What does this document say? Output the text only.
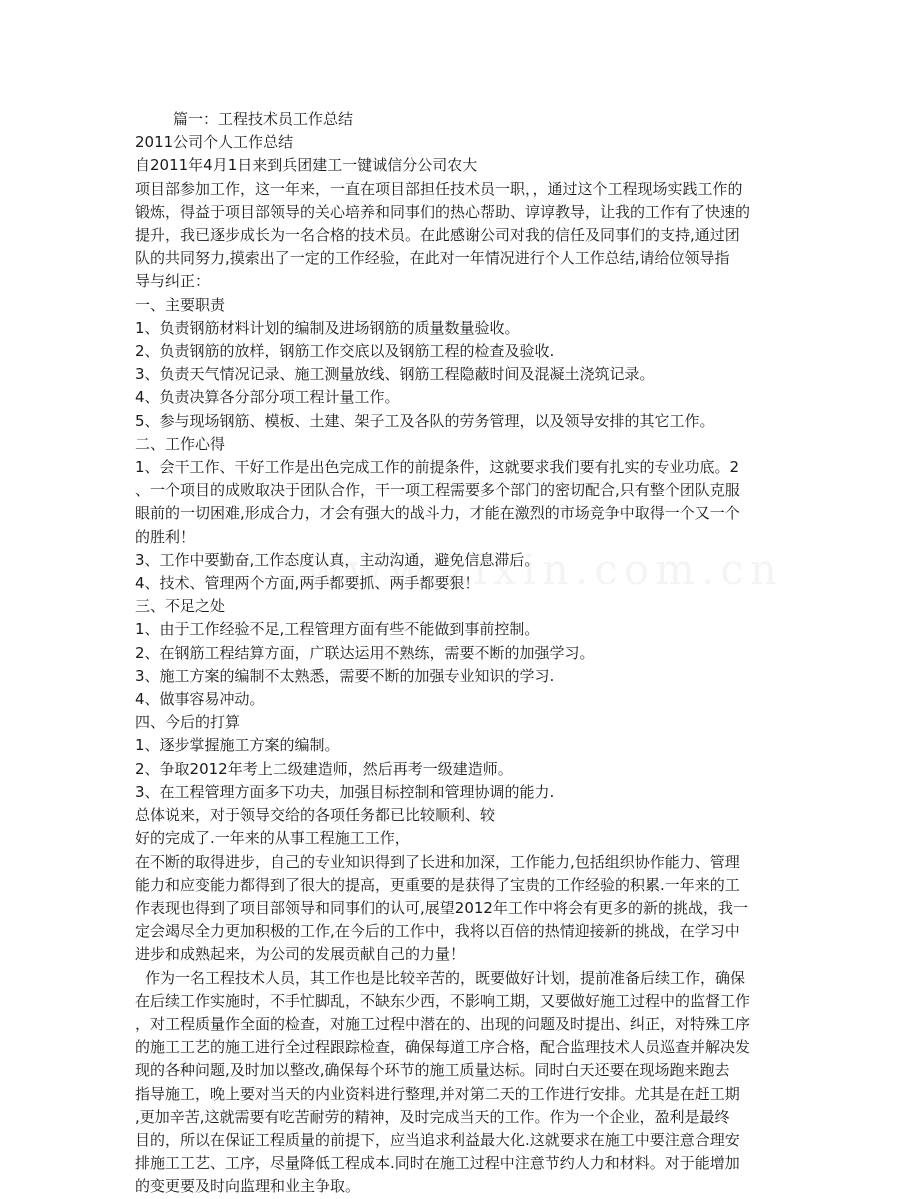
篇一：工程技术员工作总结
2011公司个人工作总结
自2011年4月1日来到兵团建工一键诚信分公司农大
项目部参加工作，这一年来，一直在项目部担任技术员一职，，通过这个工程现场实践工作的
锻炼，得益于项目部领导的关心培养和同事们的热心帮助、谆谆教导，让我的工作有了快速的
提升，我已逐步成长为一名合格的技术员。在此感谢公司对我的信任及同事们的支持,通过团
队的共同努力,摸索出了一定的工作经验，在此对一年情况进行个人工作总结,请给位领导指
导与纠正：
一、主要职责
1、负责钢筋材料计划的编制及进场钢筋的质量数量验收。
2、负责钢筋的放样，钢筋工作交底以及钢筋工程的检查及验收.
3、负责天气情况记录、施工测量放线、钢筋工程隐蔽时间及混凝土浇筑记录。
4、负责决算各分部分项工程计量工作。
5、参与现场钢筋、模板、土建、架子工及各队的劳务管理，以及领导安排的其它工作。
二、工作心得
1、会干工作、干好工作是出色完成工作的前提条件，这就要求我们要有扎实的专业功底。2
、一个项目的成败取决于团队合作，干一项工程需要多个部门的密切配合,只有整个团队克服
眼前的一切困难,形成合力，才会有强大的战斗力，才能在激烈的市场竞争中取得一个又一个
的胜利！
3、工作中要勤奋,工作态度认真，主动沟通，避免信息滞后。
4、技术、管理两个方面,两手都要抓、两手都要狠！
三、不足之处
1、由于工作经验不足,工程管理方面有些不能做到事前控制。
2、在钢筋工程结算方面，广联达运用不熟练，需要不断的加强学习。
3、施工方案的编制不太熟悉，需要不断的加强专业知识的学习.
4、做事容易冲动。
四、今后的打算
1、逐步掌握施工方案的编制。
2、争取2012年考上二级建造师，然后再考一级建造师。
3、在工程管理方面多下功夫，加强目标控制和管理协调的能力.
总体说来，对于领导交给的各项任务都已比较顺利、较
好的完成了.一年来的从事工程施工工作，
在不断的取得进步，自己的专业知识得到了长进和加深，工作能力,包括组织协作能力、管理
能力和应变能力都得到了很大的提高，更重要的是获得了宝贵的工作经验的积累.一年来的工
作表现也得到了项目部领导和同事们的认可,展望2012年工作中将会有更多的新的挑战，我一
定会竭尽全力更加积极的工作,在今后的工作中，我将以百倍的热情迎接新的挑战，在学习中
进步和成熟起来，为公司的发展贡献自己的力量！
作为一名工程技术人员，其工作也是比较辛苦的，既要做好计划，提前准备后续工作，确保
在后续工作实施时，不手忙脚乱，不缺东少西，不影响工期，又要做好施工过程中的监督工作
，对工程质量作全面的检查，对施工过程中潜在的、出现的问题及时提出、纠正，对特殊工序
的施工工艺的施工进行全过程跟踪检查，确保每道工序合格，配合监理技术人员巡查并解决发
现的各种问题,及时加以整改,确保每个环节的施工质量达标。同时白天还要在现场跑来跑去
指导施工，晚上要对当天的内业资料进行整理,并对第二天的工作进行安排。尤其是在赶工期
,更加辛苦,这就需要有吃苦耐劳的精神，及时完成当天的工作。作为一个企业，盈利是最终
目的，所以在保证工程质量的前提下，应当追求利益最大化.这就要求在施工中要注意合理安
排施工工艺、工序，尽量降低工程成本.同时在施工过程中注意节约人力和材料。对于能增加
的变更要及时向监理和业主争取。
